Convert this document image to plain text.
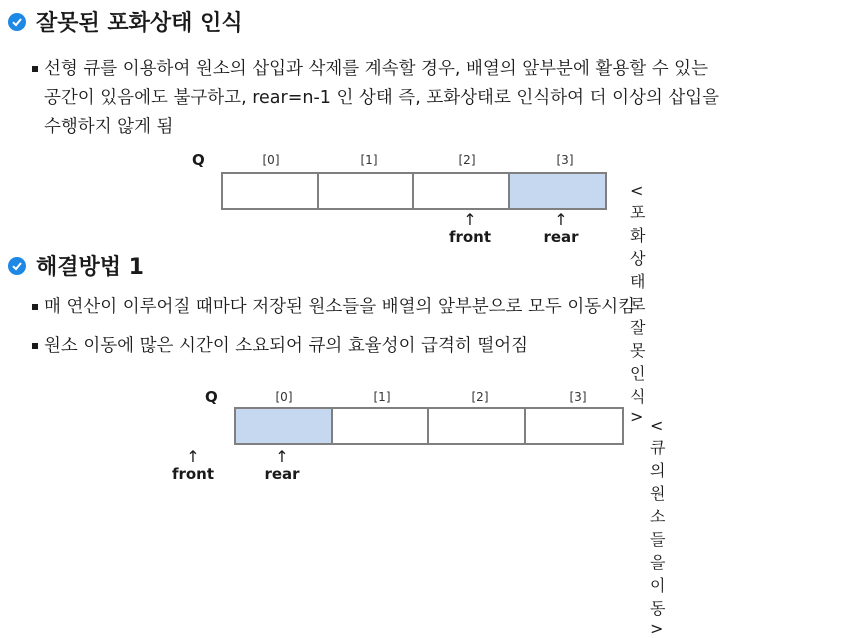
잘못된 포화상태 인식
선형 큐를 이용하여 원소의 삽입과 삭제를 계속할 경우, 배열의 앞부분에 활용할 수 있는
공간이 있음에도 불구하고, rear=n-1 인 상태 즉, 포화상태로 인식하여 더 이상의 삽입을
수행하지 않게 됨
Q	[0]	[1]	[2]	[3]
↑
front
↑
rear
<포화상태로 잘못 인식>
해결방법 1
매 연산이 이루어질 때마다 저장된 원소들을 배열의 앞부분으로 모두 이동시킴
원소 이동에 많은 시간이 소요되어 큐의 효율성이 급격히 떨어짐
Q	[0]	[1]	[2]	[3]
↑
front
↑
rear
<큐의 원소들을 이동>
